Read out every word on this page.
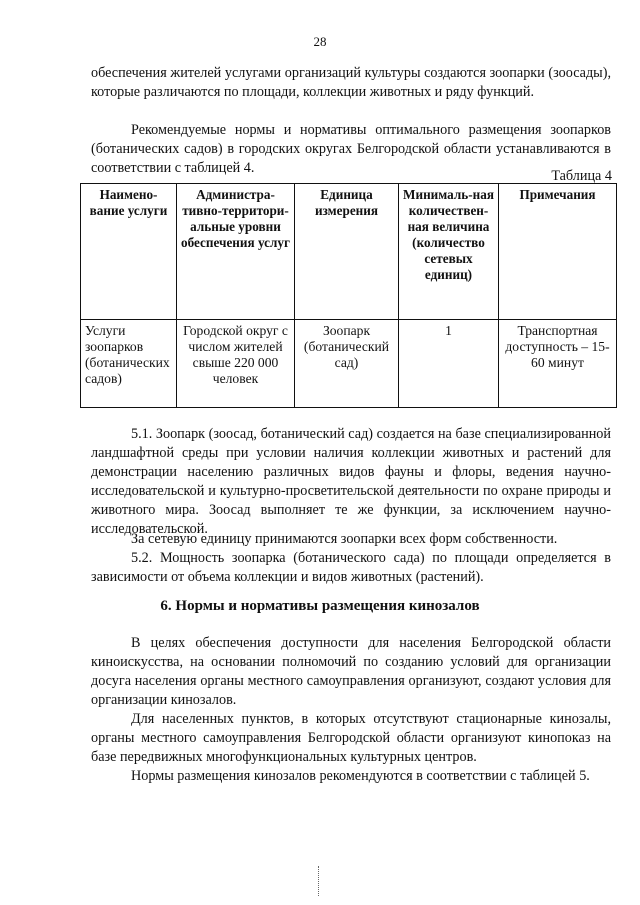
28

обеспечения жителей услугами организаций культуры создаются зоопарки (зоосады), которые различаются по площади, коллекции животных и ряду функций.

Рекомендуемые нормы и нормативы оптимального размещения зоопарков (ботанических садов) в городских округах Белгородской области устанавливаются в соответствии с таблицей 4.	Таблица 4
Наимено-вание услуги	Администра-тивно-территори-альные уровни обеспечения услуг	Единица измерения	Минималь-ная количествен-ная величина (количество сетевых единиц)	Примечания
Услуги зоопарков (ботанических садов)	Городской округ с числом жителей свыше 220 000 человек	Зоопарк (ботанический сад)	1	Транспортная доступность – 15-60 минут

5.1. Зоопарк (зоосад, ботанический сад) создается на базе специализированной ландшафтной среды при условии наличия коллекции животных и растений для демонстрации населению различных видов фауны и флоры, ведения научно-исследовательской и культурно-просветительской деятельности по охране природы и животного мира. Зоосад выполняет те же функции, за исключением научно-исследовательской.

За сетевую единицу принимаются зоопарки всех форм собственности.

5.2. Мощность зоопарка (ботанического сада) по площади определяется в зависимости от объема коллекции и видов животных (растений).

6. Нормы и нормативы размещения кинозалов

В целях обеспечения доступности для населения Белгородской области киноискусства, на основании полномочий по созданию условий для организации досуга населения органы местного самоуправления организуют, создают условия для организации кинозалов.

Для населенных пунктов, в которых отсутствуют стационарные кинозалы, органы местного самоуправления Белгородской области организуют кинопоказ на базе передвижных многофункциональных культурных центров.

Нормы размещения кинозалов рекомендуются в соответствии с таблицей 5.
